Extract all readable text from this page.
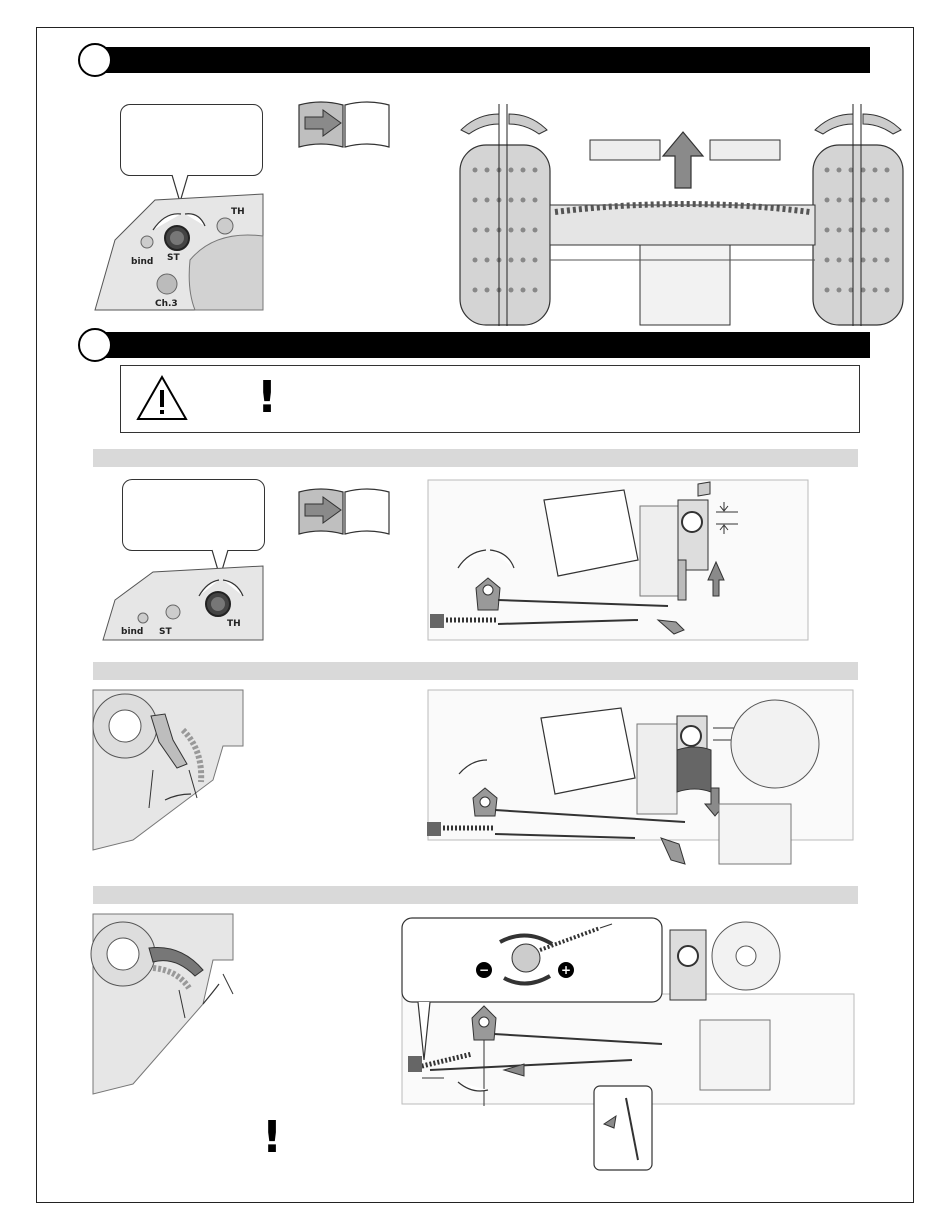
ST
TH
bind
Ch.3
!
TH
ST
bind
−	+
!
